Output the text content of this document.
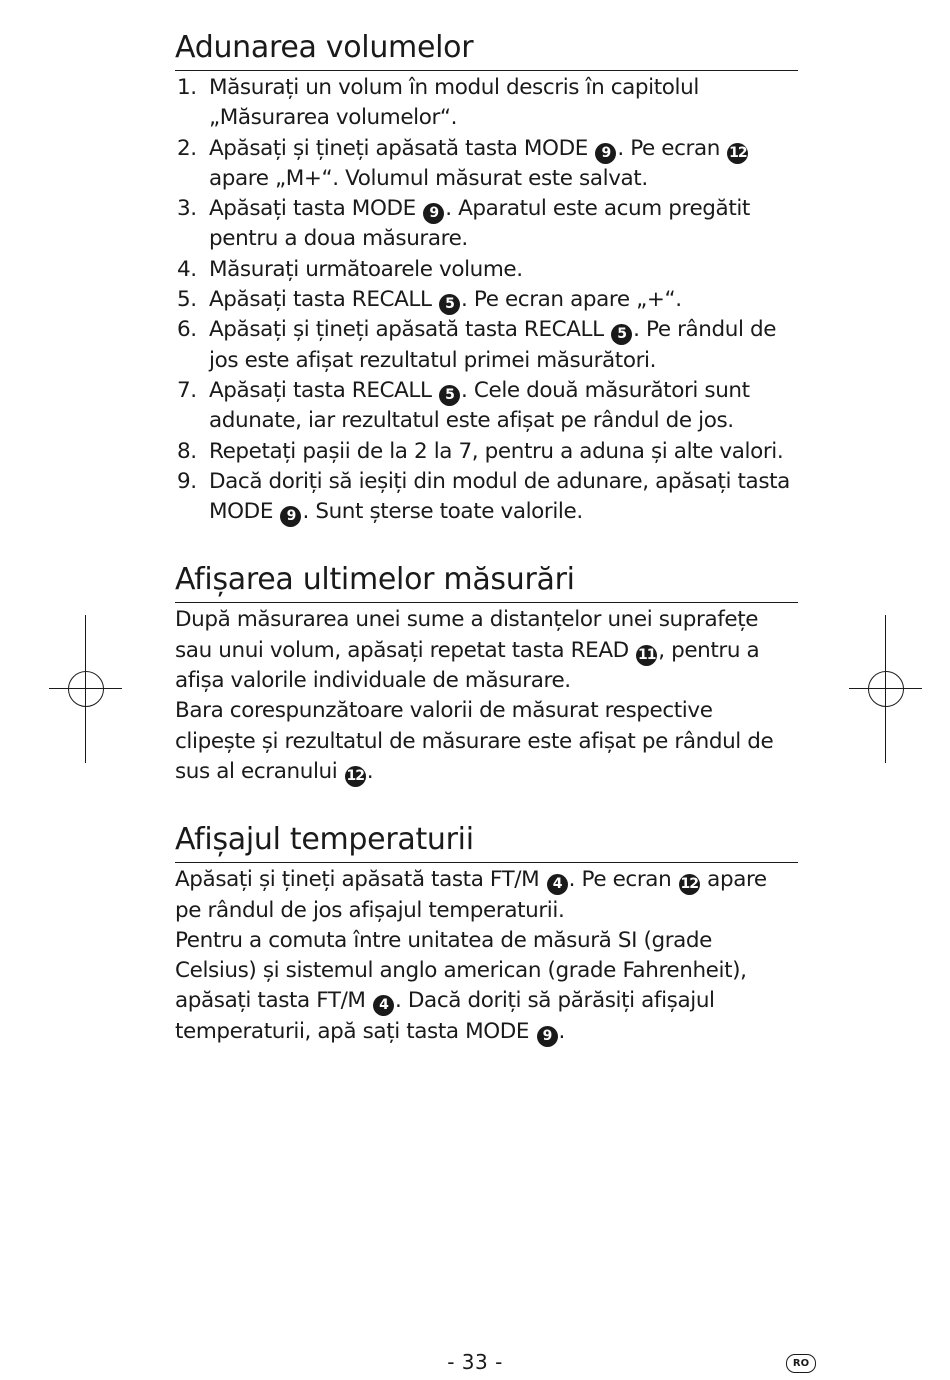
Adunarea volumelor
1. Măsurați un volum în modul descris în capitolul „Măsurarea volumelor“.
2. Apăsați și țineți apăsată tasta MODE 9 . Pe ecran 12 apare „M+“. Volumul măsurat este salvat.
3. Apăsați tasta MODE 9 . Aparatul este acum pregătit pentru a doua măsurare.
4. Măsurați următoarele volume.
5. Apăsați tasta RECALL 5 . Pe ecran apare „+“.
6. Apăsați și țineți apăsată tasta RECALL 5 . Pe rândul de jos este afișat rezultatul primei măsurători.
7. Apăsați tasta RECALL 5 . Cele două măsurători sunt adunate, iar rezultatul este afișat pe rândul de jos.
8. Repetați pașii de la 2 la 7, pentru a aduna și alte valori.
9. Dacă doriți să ieșiți din modul de adunare, apăsați tasta MODE 9 . Sunt șterse toate valorile.
Afișarea ultimelor măsurări

După măsurarea unei sume a distanțelor unei suprafețe sau unui volum, apăsați repetat tasta READ 11 , pentru a afișa valorile individuale de măsurare.

Bara corespunzătoare valorii de măsurat respective clipește și rezultatul de măsurare este afișat pe rândul de sus al ecranului 12 .

Afișajul temperaturii

Apăsați și țineți apăsată tasta FT/M 4 . Pe ecran 12 apare pe rândul de jos afișajul temperaturii.

Pentru a comuta între unitatea de măsură SI (grade Celsius) și sistemul anglo american (grade Fahrenheit), apăsați tasta FT/M 4 . Dacă doriți să părăsiți afișajul temperaturii, apă sați tasta MODE 9 .

- 33 -	RO
